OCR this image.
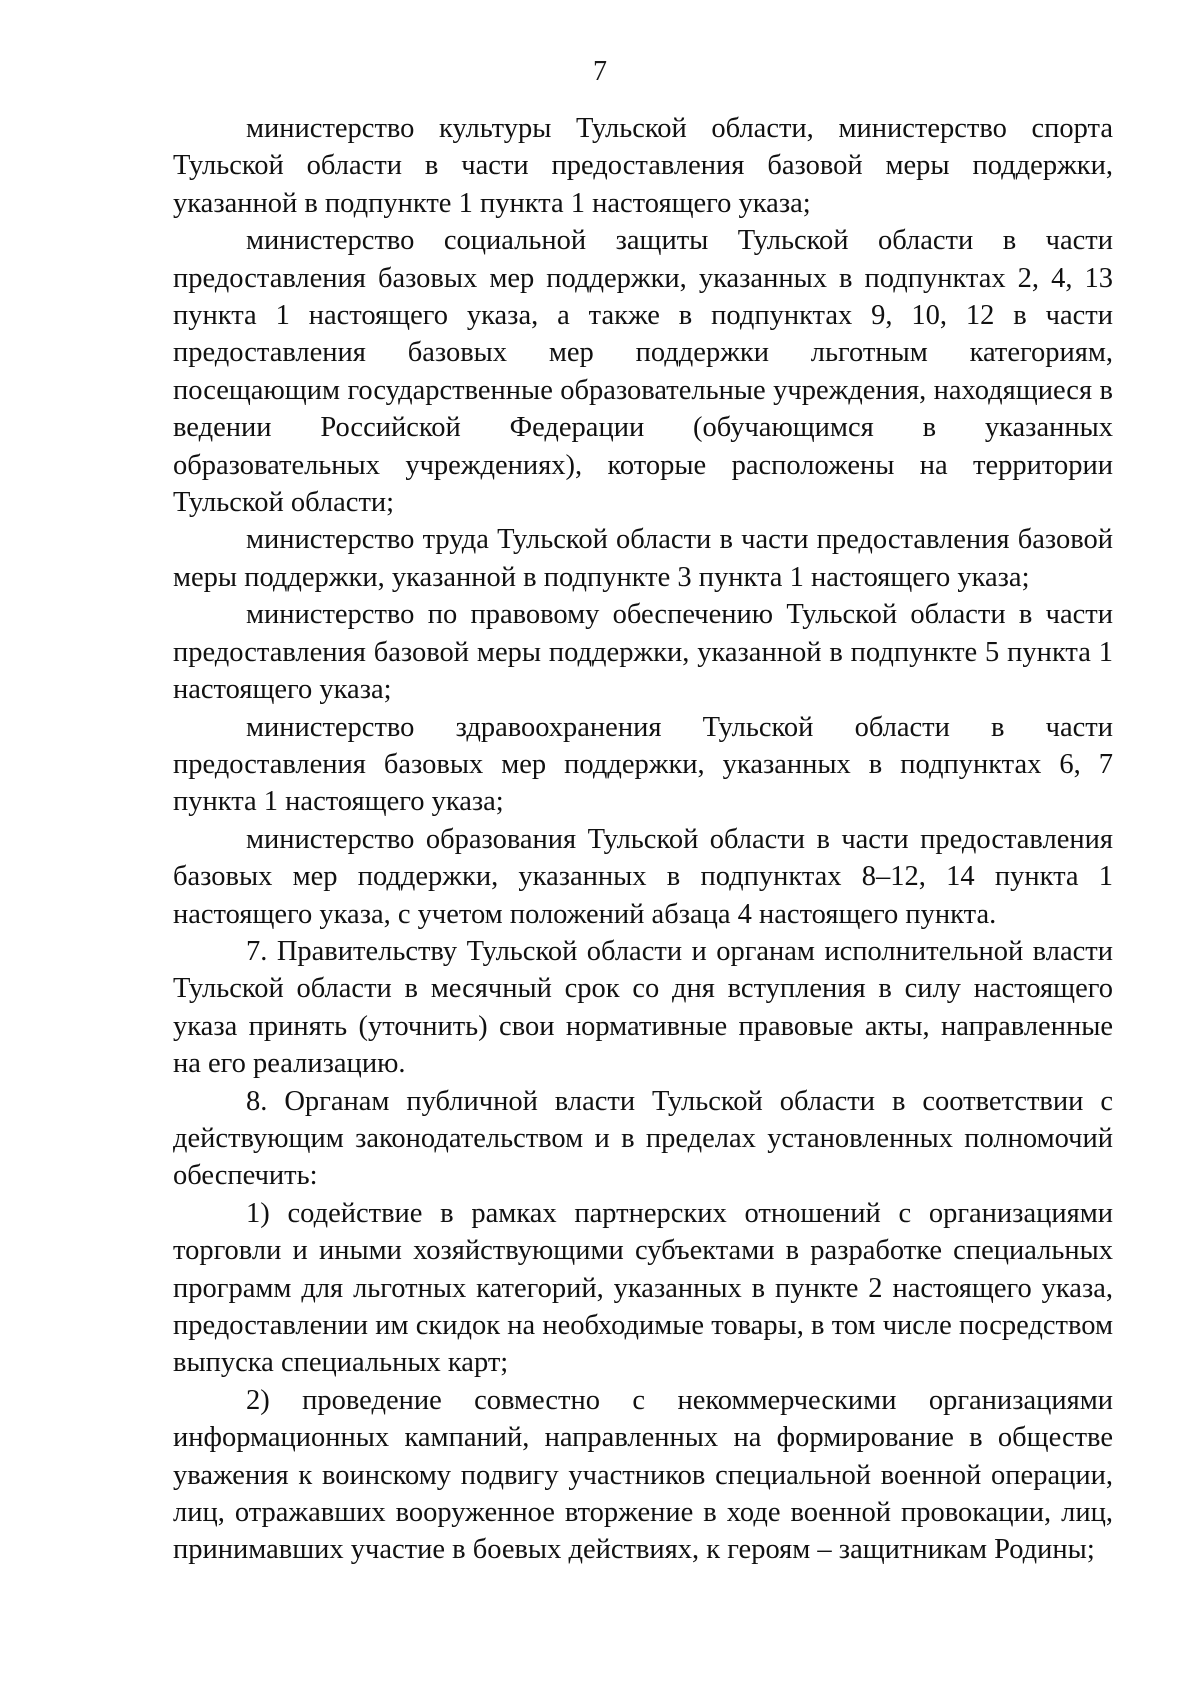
7

министерство культуры Тульской области, министерство спорта Тульской области в части предоставления базовой меры поддержки, указанной в подпункте 1 пункта 1 настоящего указа;

министерство социальной защиты Тульской области в части предоставления базовых мер поддержки, указанных в подпунктах 2, 4, 13 пункта 1 настоящего указа, а также в подпунктах 9, 10, 12 в части предоставления базовых мер поддержки льготным категориям, посещающим государственные образовательные учреждения, находящиеся в ведении Российской Федерации (обучающимся в указанных образовательных учреждениях), которые расположены на территории Тульской области;

министерство труда Тульской области в части предоставления базовой меры поддержки, указанной в подпункте 3 пункта 1 настоящего указа;

министерство по правовому обеспечению Тульской области в части предоставления базовой меры поддержки, указанной в подпункте 5 пункта 1 настоящего указа;

министерство здравоохранения Тульской области в части предоставления базовых мер поддержки, указанных в подпунктах 6, 7 пункта 1 настоящего указа;

министерство образования Тульской области в части предоставления базовых мер поддержки, указанных в подпунктах 8–12, 14 пункта 1 настоящего указа, с учетом положений абзаца 4 настоящего пункта.

7. Правительству Тульской области и органам исполнительной власти Тульской области в месячный срок со дня вступления в силу настоящего указа принять (уточнить) свои нормативные правовые акты, направленные на его реализацию.

8. Органам публичной власти Тульской области в соответствии с действующим законодательством и в пределах установленных полномочий обеспечить:

1) содействие в рамках партнерских отношений с организациями торговли и иными хозяйствующими субъектами в разработке специальных программ для льготных категорий, указанных в пункте 2 настоящего указа, предоставлении им скидок на необходимые товары, в том числе посредством выпуска специальных карт;

2) проведение совместно с некоммерческими организациями информационных кампаний, направленных на формирование в обществе уважения к воинскому подвигу участников специальной военной операции, лиц, отражавших вооруженное вторжение в ходе военной провокации, лиц, принимавших участие в боевых действиях, к героям – защитникам Родины;
